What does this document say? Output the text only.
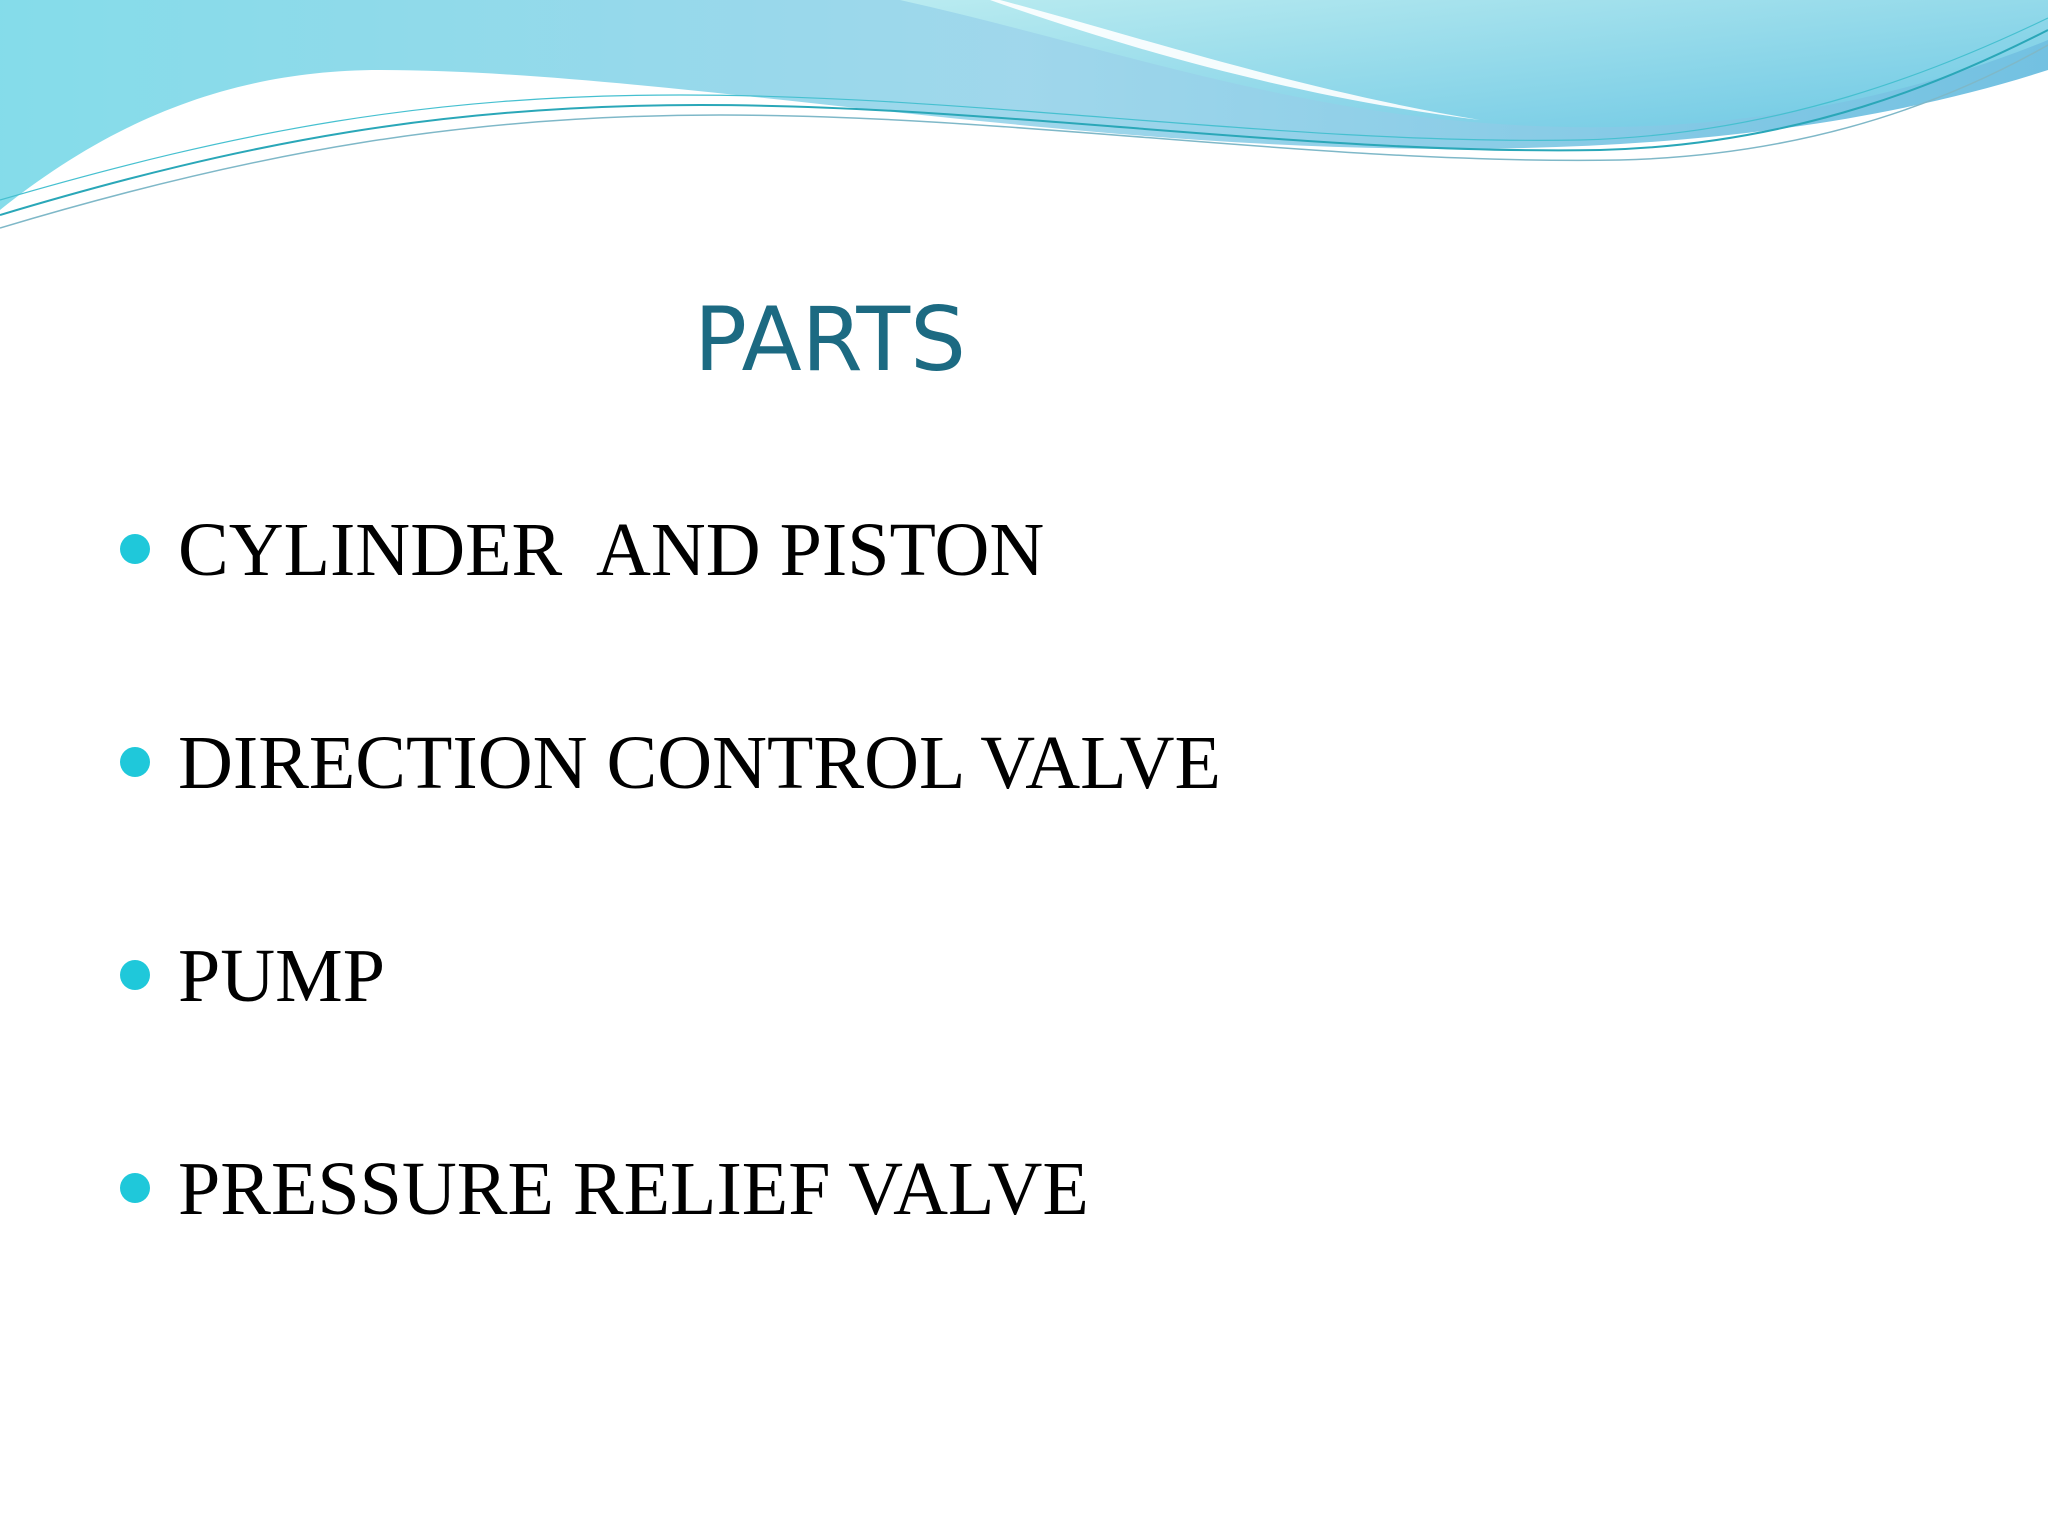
PARTS
CYLINDER  AND PISTON
DIRECTION CONTROL VALVE
PUMP
PRESSURE RELIEF VALVE
